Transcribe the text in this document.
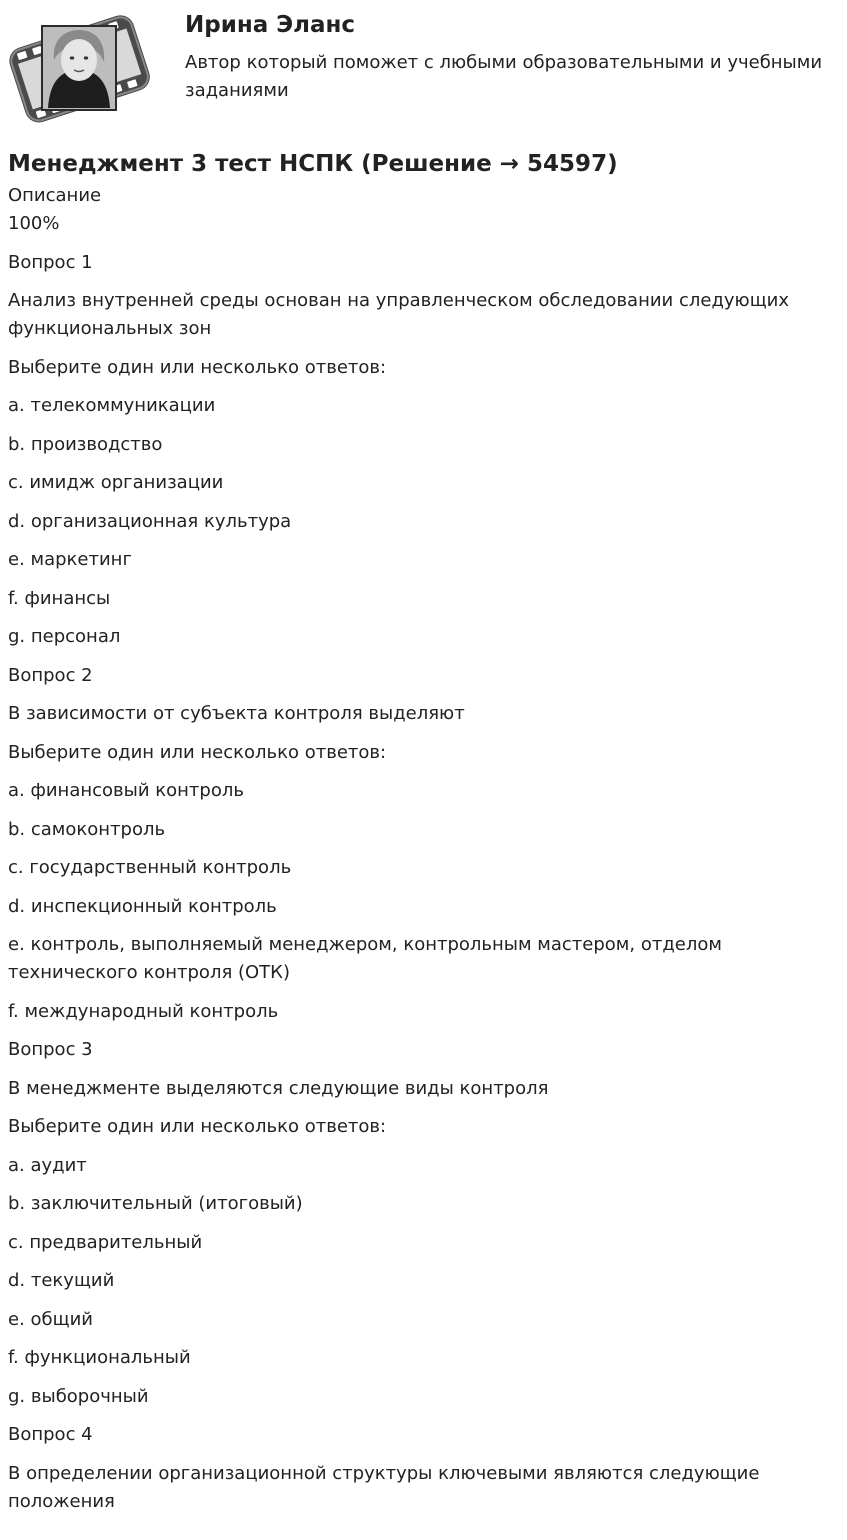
Ирина Эланс
Автор который поможет с любыми образовательными и учебными заданиями
Менеджмент 3 тест НСПК (Решение → 54597)
Описание
100%
Вопрос 1
Анализ внутренней среды основан на управленческом обследовании следующих функциональных зон
Выберите один или несколько ответов:
a. телекоммуникации
b. производство
c. имидж организации
d. организационная культура
e. маркетинг
f. финансы
g. персонал
Вопрос 2
В зависимости от субъекта контроля выделяют
Выберите один или несколько ответов:
a. финансовый контроль
b. самоконтроль
c. государственный контроль
d. инспекционный контроль
e. контроль, выполняемый менеджером, контрольным мастером, отделом технического контроля (ОТК)
f. международный контроль
Вопрос 3
В менеджменте выделяются следующие виды контроля
Выберите один или несколько ответов:
a. аудит
b. заключительный (итоговый)
c. предварительный
d. текущий
e. общий
f. функциональный
g. выборочный
Вопрос 4
В определении организационной структуры ключевыми являются следующие положения
